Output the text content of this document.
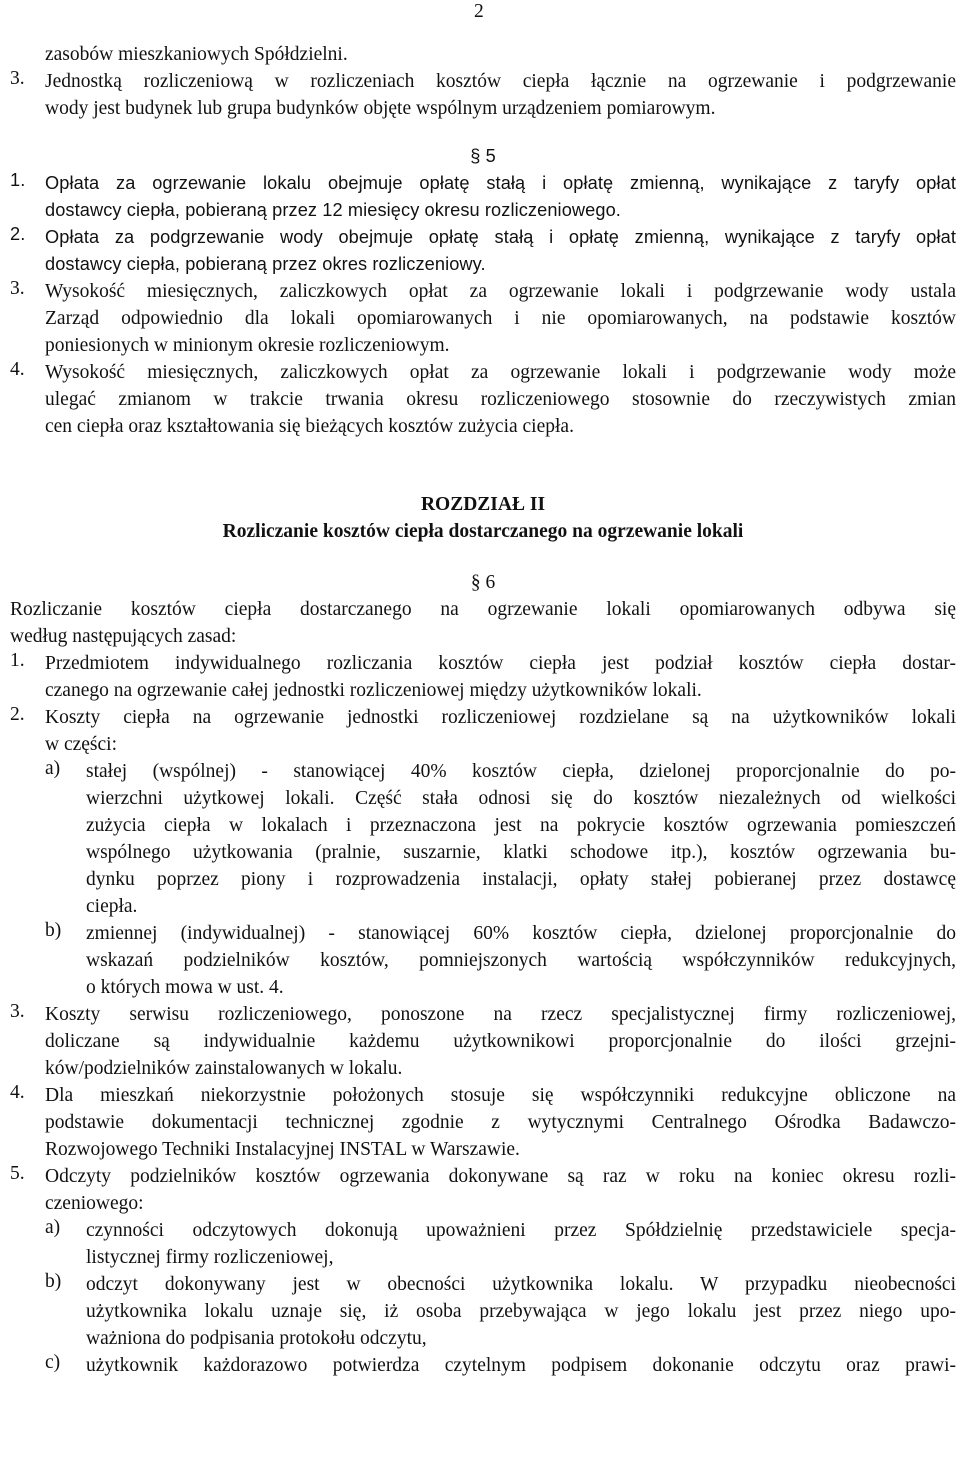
2
zasobów mieszkaniowych Spółdzielni.
3.	Jednostką rozliczeniową w rozliczeniach kosztów ciepła łącznie na ogrzewanie i podgrzewanie
wody jest budynek lub grupa budynków objęte wspólnym urządzeniem pomiarowym.
§ 5
1.	Opłata za ogrzewanie lokalu obejmuje opłatę stałą i opłatę zmienną, wynikające z taryfy opłat
dostawcy ciepła, pobieraną przez 12 miesięcy okresu rozliczeniowego.
2.	Opłata za podgrzewanie wody obejmuje opłatę stałą i opłatę zmienną, wynikające z taryfy opłat
dostawcy ciepła, pobieraną przez okres rozliczeniowy.
3.	Wysokość miesięcznych, zaliczkowych opłat za ogrzewanie lokali i podgrzewanie wody ustala
Zarząd odpowiednio dla lokali opomiarowanych i nie opomiarowanych, na podstawie kosztów
poniesionych w minionym okresie rozliczeniowym.
4.	Wysokość miesięcznych, zaliczkowych opłat za ogrzewanie lokali i podgrzewanie wody może
ulegać zmianom w trakcie trwania okresu rozliczeniowego stosownie do rzeczywistych zmian
cen ciepła oraz kształtowania się bieżących kosztów zużycia ciepła.
ROZDZIAŁ II
Rozliczanie kosztów ciepła dostarczanego na ogrzewanie lokali
§ 6
Rozliczanie kosztów ciepła dostarczanego na ogrzewanie lokali opomiarowanych odbywa się
według następujących zasad:
1.	Przedmiotem indywidualnego rozliczania kosztów ciepła jest podział kosztów ciepła dostar-
czanego na ogrzewanie całej jednostki rozliczeniowej między użytkowników lokali.
2.	Koszty ciepła na ogrzewanie jednostki rozliczeniowej rozdzielane są na użytkowników lokali
w części:
a)	stałej (wspólnej) - stanowiącej 40% kosztów ciepła, dzielonej proporcjonalnie do po-
wierzchni użytkowej lokali. Część stała odnosi się do kosztów niezależnych od wielkości
zużycia ciepła w lokalach i przeznaczona jest na pokrycie kosztów ogrzewania pomieszczeń
wspólnego użytkowania (pralnie, suszarnie, klatki schodowe itp.), kosztów ogrzewania bu-
dynku poprzez piony i rozprowadzenia instalacji, opłaty stałej pobieranej przez dostawcę
ciepła.
b)	zmiennej (indywidualnej) - stanowiącej 60% kosztów ciepła, dzielonej proporcjonalnie do
wskazań podzielników kosztów, pomniejszonych wartością współczynników redukcyjnych,
o których mowa w ust. 4.
3.	Koszty serwisu rozliczeniowego, ponoszone na rzecz specjalistycznej firmy rozliczeniowej,
doliczane są indywidualnie każdemu użytkownikowi proporcjonalnie do ilości grzejni-
ków/podzielników zainstalowanych w lokalu.
4.	Dla mieszkań niekorzystnie położonych stosuje się współczynniki redukcyjne obliczone na
podstawie dokumentacji technicznej zgodnie z wytycznymi Centralnego Ośrodka Badawczo-
Rozwojowego Techniki Instalacyjnej INSTAL w Warszawie.
5.	Odczyty podzielników kosztów ogrzewania dokonywane są raz w roku na koniec okresu rozli-
czeniowego:
a)	czynności odczytowych dokonują upoważnieni przez Spółdzielnię przedstawiciele specja-
listycznej firmy rozliczeniowej,
b)	odczyt dokonywany jest w obecności użytkownika lokalu. W przypadku nieobecności
użytkownika lokalu uznaje się, iż osoba przebywająca w jego lokalu jest przez niego upo-
ważniona do podpisania protokołu odczytu,
c)	użytkownik każdorazowo potwierdza czytelnym podpisem dokonanie odczytu oraz prawi-
